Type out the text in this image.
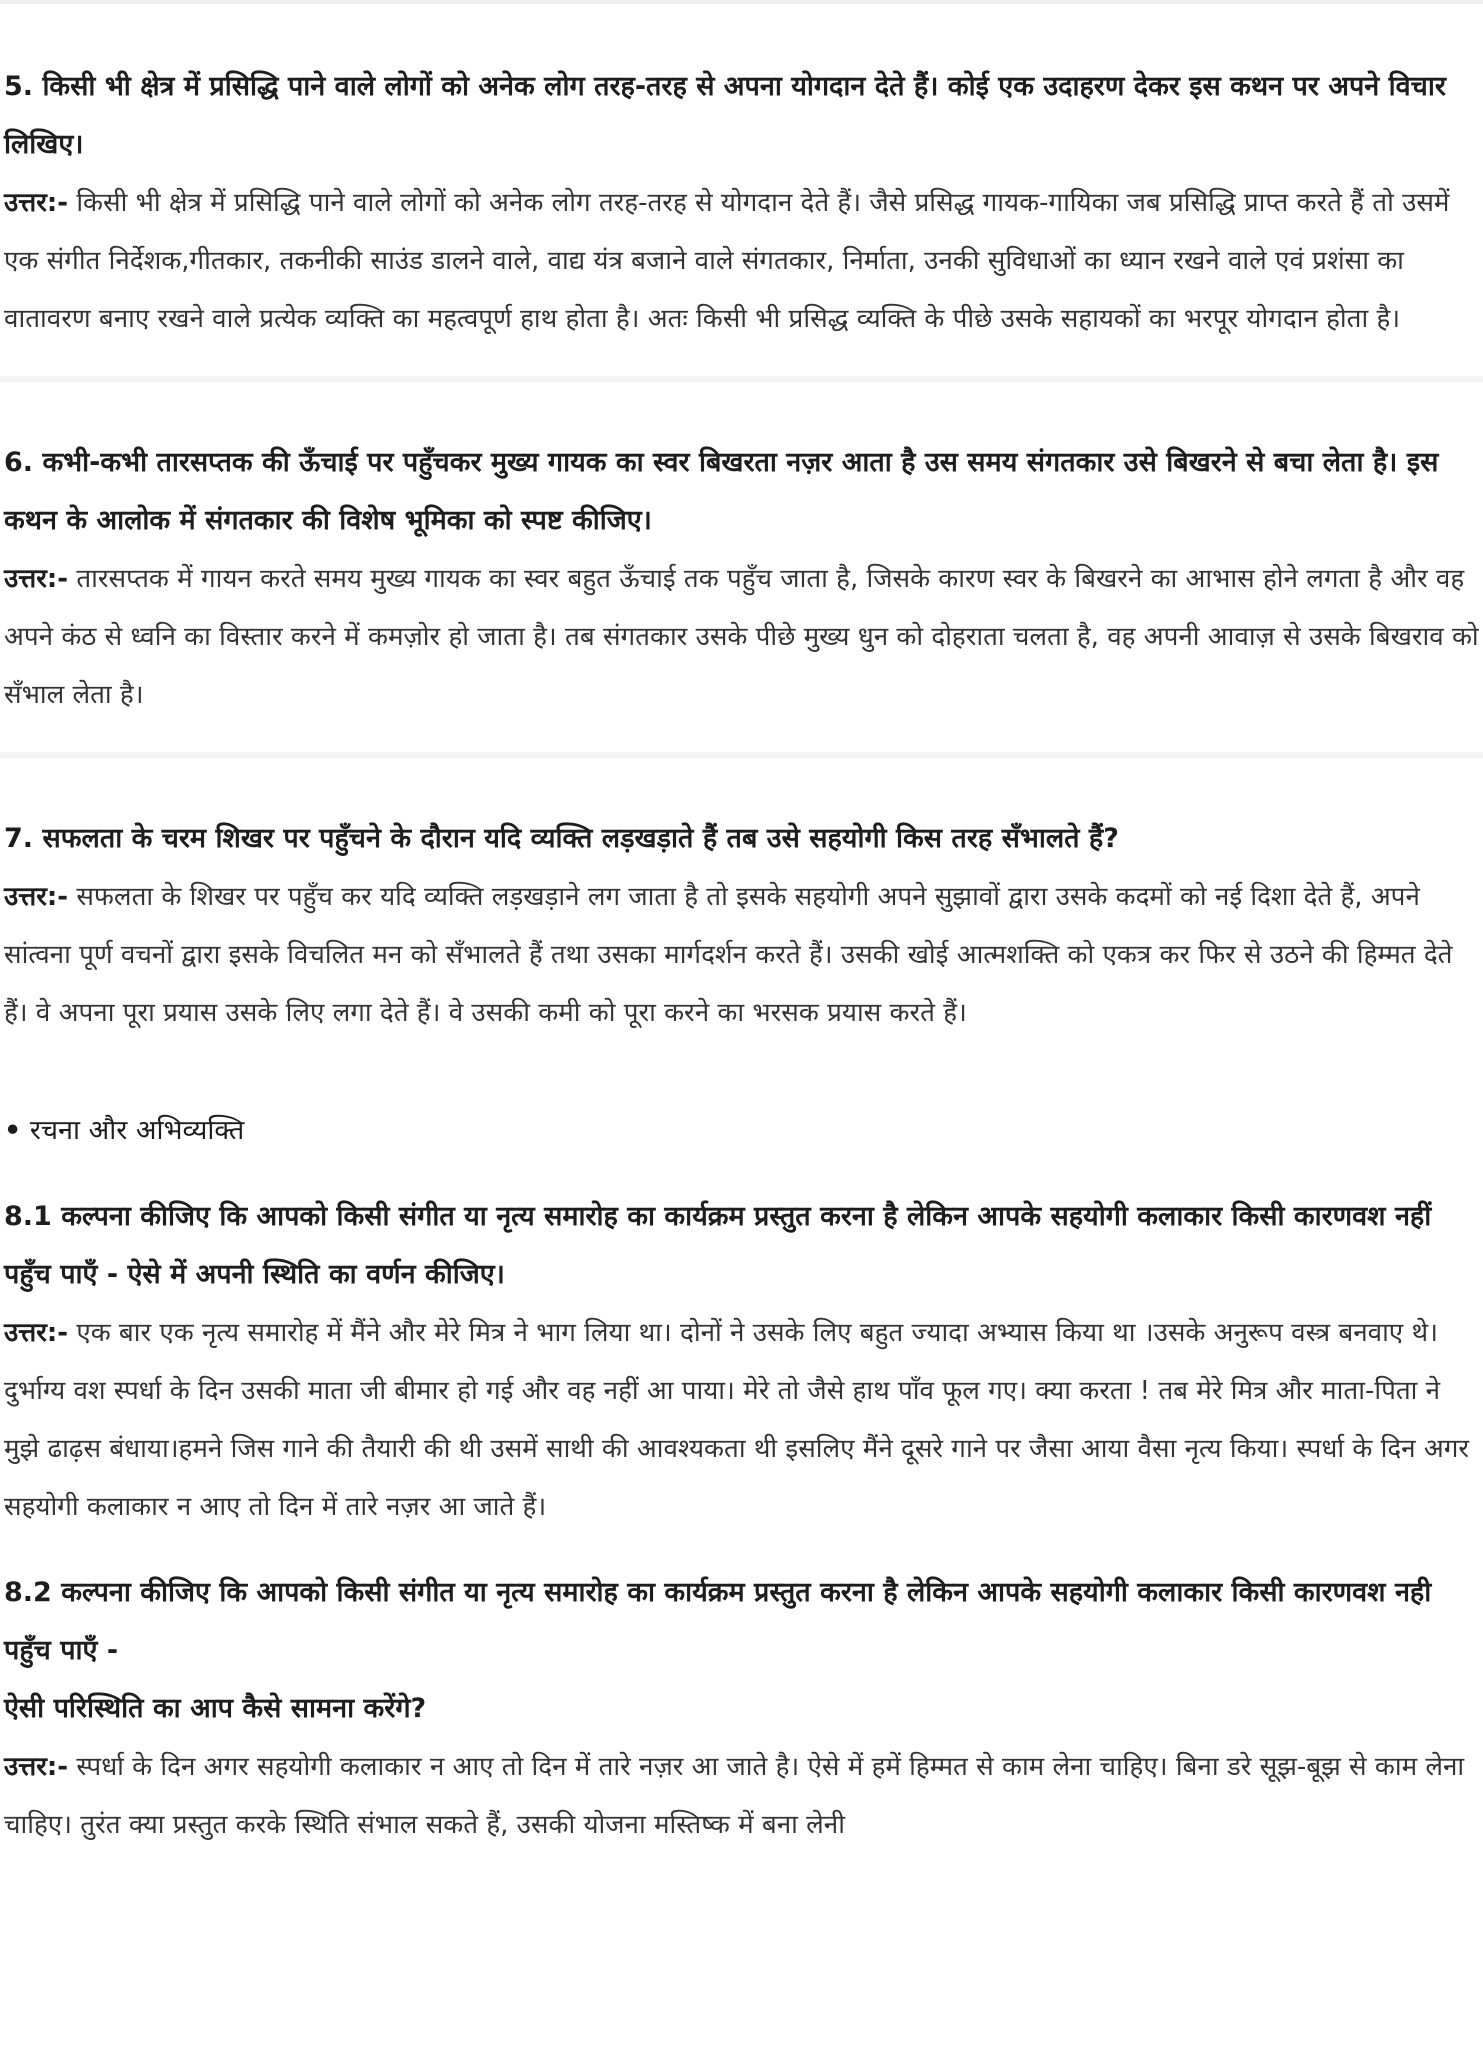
5. किसी भी क्षेत्र में प्रसिद्धि पाने वाले लोगों को अनेक लोग तरह-तरह से अपना योगदान देते हैं। कोई एक उदाहरण देकर इस कथन पर अपने विचार लिखिए।

उत्तर:- किसी भी क्षेत्र में प्रसिद्धि पाने वाले लोगों को अनेक लोग तरह-तरह से योगदान देते हैं। जैसे प्रसिद्ध गायक-गायिका जब प्रसिद्धि प्राप्त करते हैं तो उसमें एक संगीत निर्देशक,गीतकार, तकनीकी साउंड डालने वाले, वाद्य यंत्र बजाने वाले संगतकार, निर्माता, उनकी सुविधाओं का ध्यान रखने वाले एवं प्रशंसा का वातावरण बनाए रखने वाले प्रत्येक व्यक्ति का महत्वपूर्ण हाथ होता है। अतः किसी भी प्रसिद्ध व्यक्ति के पीछे उसके सहायकों का भरपूर योगदान होता है।

6. कभी-कभी तारसप्तक की ऊँचाई पर पहुँचकर मुख्य गायक का स्वर बिखरता नज़र आता है उस समय संगतकार उसे बिखरने से बचा लेता है। इस कथन के आलोक में संगतकार की विशेष भूमिका को स्पष्ट कीजिए।

उत्तर:- तारसप्तक में गायन करते समय मुख्य गायक का स्वर बहुत ऊँचाई तक पहुँच जाता है, जिसके कारण स्वर के बिखरने का आभास होने लगता है और वह अपने कंठ से ध्वनि का विस्तार करने में कमज़ोर हो जाता है। तब संगतकार उसके पीछे मुख्य धुन को दोहराता चलता है, वह अपनी आवाज़ से उसके बिखराव को सँभाल लेता है।

7. सफलता के चरम शिखर पर पहुँचने के दौरान यदि व्यक्ति लड़खड़ाते हैं तब उसे सहयोगी किस तरह सँभालते हैं?

उत्तर:- सफलता के शिखर पर पहुँच कर यदि व्यक्ति लड़खड़ाने लग जाता है तो इसके सहयोगी अपने सुझावों द्वारा उसके कदमों को नई दिशा देते हैं, अपने सांत्वना पूर्ण वचनों द्वारा इसके विचलित मन को सँभालते हैं तथा उसका मार्गदर्शन करते हैं। उसकी खोई आत्मशक्ति को एकत्र कर फिर से उठने की हिम्मत देते हैं। वे अपना पूरा प्रयास उसके लिए लगा देते हैं। वे उसकी कमी को पूरा करने का भरसक प्रयास करते हैं।

• रचना और अभिव्यक्ति

8.1 कल्पना कीजिए कि आपको किसी संगीत या नृत्य समारोह का कार्यक्रम प्रस्तुत करना है लेकिन आपके सहयोगी कलाकार किसी कारणवश नहीं पहुँच पाएँ - ऐसे में अपनी स्थिति का वर्णन कीजिए।

उत्तर:- एक बार एक नृत्य समारोह में मैंने और मेरे मित्र ने भाग लिया था। दोनों ने उसके लिए बहुत ज्यादा अभ्यास किया था ।उसके अनुरूप वस्त्र बनवाए थे। दुर्भाग्य वश स्पर्धा के दिन उसकी माता जी बीमार हो गई और वह नहीं आ पाया। मेरे तो जैसे हाथ पाँव फूल गए। क्या करता ! तब मेरे मित्र और माता-पिता ने मुझे ढाढ़स बंधाया।हमने जिस गाने की तैयारी की थी उसमें साथी की आवश्यकता थी इसलिए मैंने दूसरे गाने पर जैसा आया वैसा नृत्य किया। स्पर्धा के दिन अगर सहयोगी कलाकार न आए तो दिन में तारे नज़र आ जाते हैं।

8.2 कल्पना कीजिए कि आपको किसी संगीत या नृत्य समारोह का कार्यक्रम प्रस्तुत करना है लेकिन आपके सहयोगी कलाकार किसी कारणवश नही पहुँच पाएँ -

ऐसी परिस्थिति का आप कैसे सामना करेंगे?

उत्तर:- स्पर्धा के दिन अगर सहयोगी कलाकार न आए तो दिन में तारे नज़र आ जाते है। ऐसे में हमें हिम्मत से काम लेना चाहिए। बिना डरे सूझ-बूझ से काम लेना चाहिए। तुरंत क्या प्रस्तुत करके स्थिति संभाल सकते हैं, उसकी योजना मस्तिष्क में बना लेनी
